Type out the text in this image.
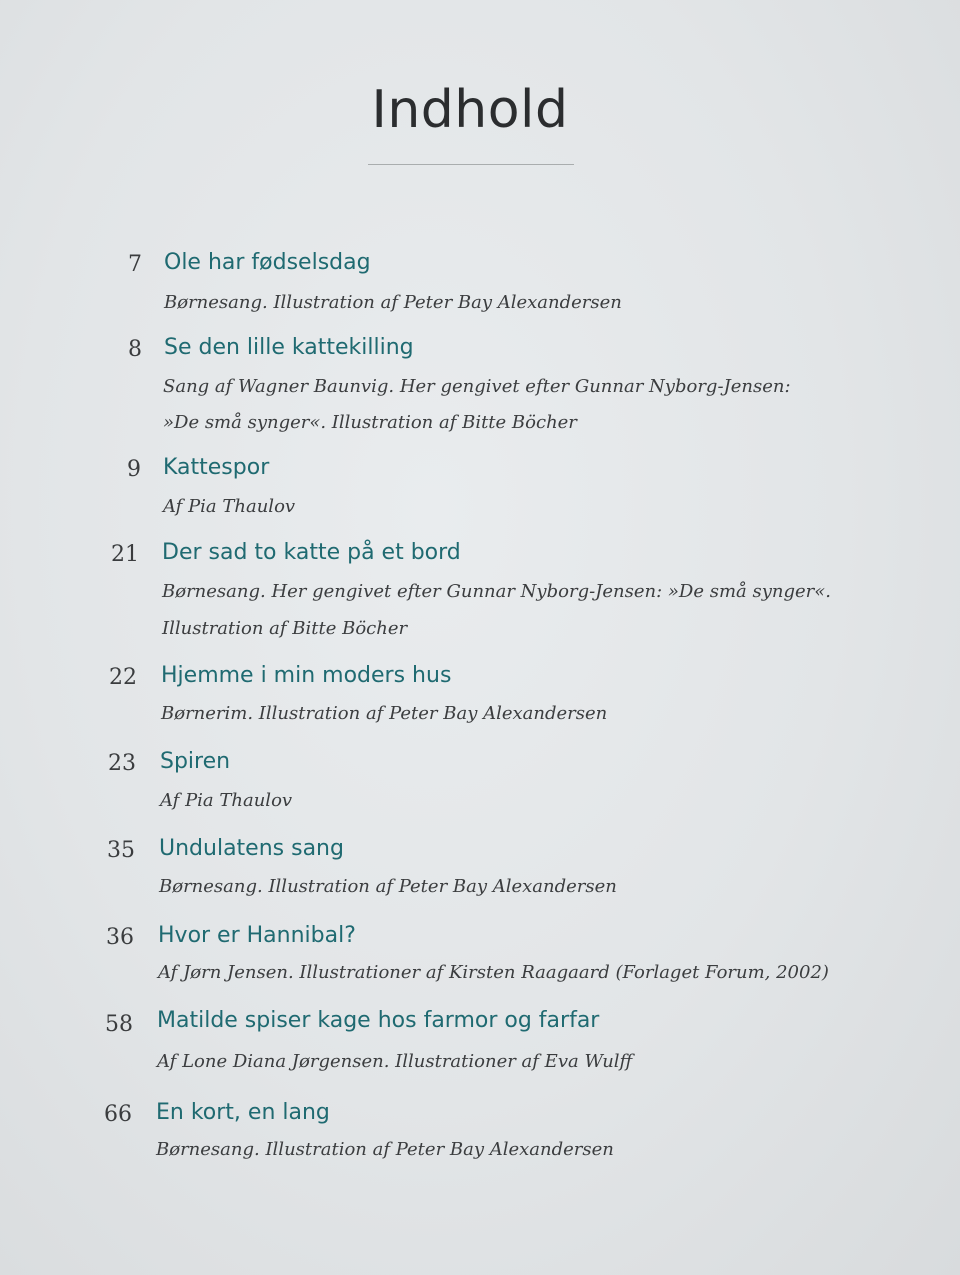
Indhold
7 Ole har fødselsdag
Børnesang. Illustration af Peter Bay Alexandersen
8 Se den lille kattekilling
Sang af Wagner Baunvig. Her gengivet efter Gunnar Nyborg-Jensen:
»De små synger«. Illustration af Bitte Böcher
9 Kattespor
Af Pia Thaulov
21 Der sad to katte på et bord
Børnesang. Her gengivet efter Gunnar Nyborg-Jensen: »De små synger«.
Illustration af Bitte Böcher
22 Hjemme i min moders hus
Børnerim. Illustration af Peter Bay Alexandersen
23 Spiren
Af Pia Thaulov
35 Undulatens sang
Børnesang. Illustration af Peter Bay Alexandersen
36 Hvor er Hannibal?
Af Jørn Jensen. Illustrationer af Kirsten Raagaard (Forlaget Forum, 2002)
58 Matilde spiser kage hos farmor og farfar
Af Lone Diana Jørgensen. Illustrationer af Eva Wulff
66 En kort, en lang
Børnesang. Illustration af Peter Bay Alexandersen
